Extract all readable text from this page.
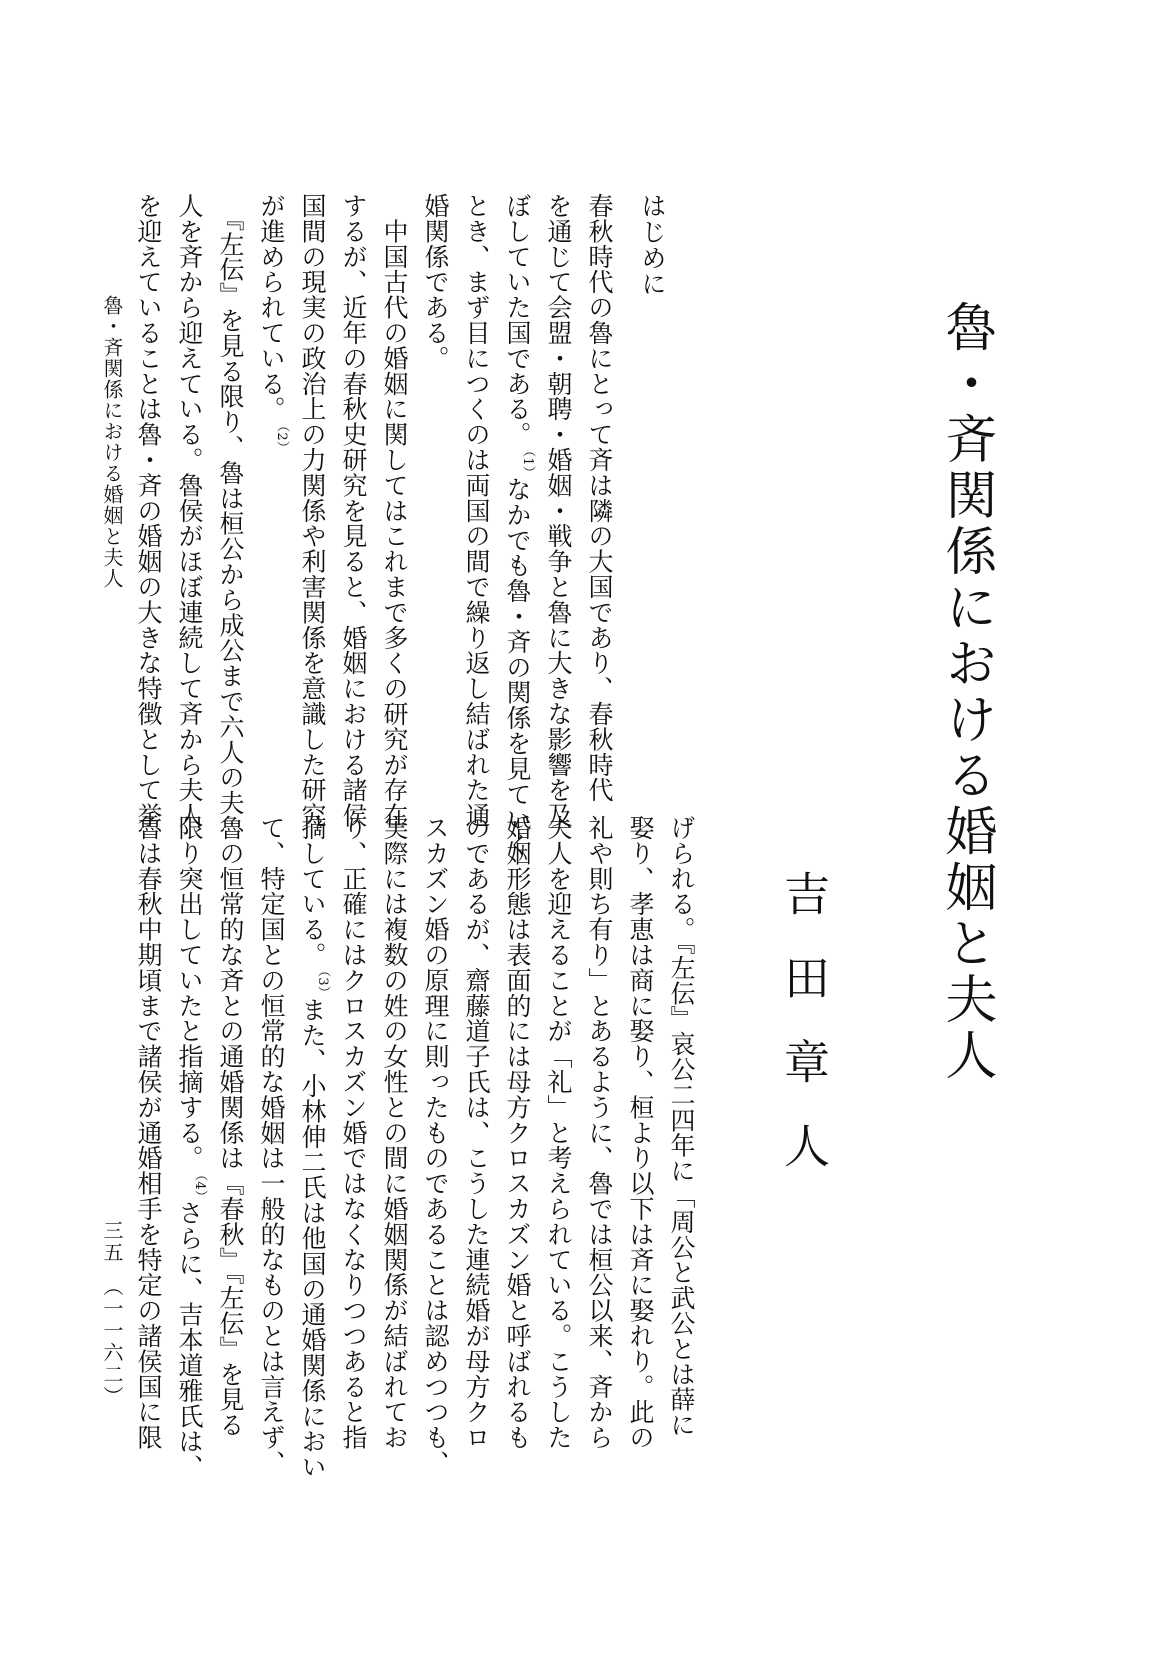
魯・斉関係における婚姻と夫人
吉田章人
はじめに
春秋時代の魯にとって斉は隣の大国であり、春秋時代
を通じて会盟・朝聘・婚姻・戦争と魯に大きな影響を及
ぼしていた国である。（1）なかでも魯・斉の関係を見ていく
とき、まず目につくのは両国の間で繰り返し結ばれた通
婚関係である。
　中国古代の婚姻に関してはこれまで多くの研究が存在
するが、近年の春秋史研究を見ると、婚姻における諸侯
国間の現実の政治上の力関係や利害関係を意識した研究
が進められている。（2）
　『左伝』を見る限り、魯は桓公から成公まで六人の夫
人を斉から迎えている。魯侯がほぼ連続して斉から夫人
を迎えていることは魯・斉の婚姻の大きな特徴として挙
げられる。『左伝』哀公二四年に「周公と武公とは薛に
娶り、孝恵は商に娶り、桓より以下は斉に娶れり。此の
礼や則ち有り」とあるように、魯では桓公以来、斉から
夫人を迎えることが「礼」と考えられている。こうした
婚姻形態は表面的には母方クロスカズン婚と呼ばれるも
のであるが、齋藤道子氏は、こうした連続婚が母方クロ
スカズン婚の原理に則ったものであることは認めつつも、
実際には複数の姓の女性との間に婚姻関係が結ばれてお
り、正確にはクロスカズン婚ではなくなりつつあると指
摘している。（3）また、小林伸二氏は他国の通婚関係におい
て、特定国との恒常的な婚姻は一般的なものとは言えず、
魯の恒常的な斉との通婚関係は『春秋』『左伝』を見る
限り突出していたと指摘する。（4）さらに、吉本道雅氏は、
魯は春秋中期頃まで諸侯が通婚相手を特定の諸侯国に限
魯・斉関係における婚姻と夫人
三五　（一一六二）
